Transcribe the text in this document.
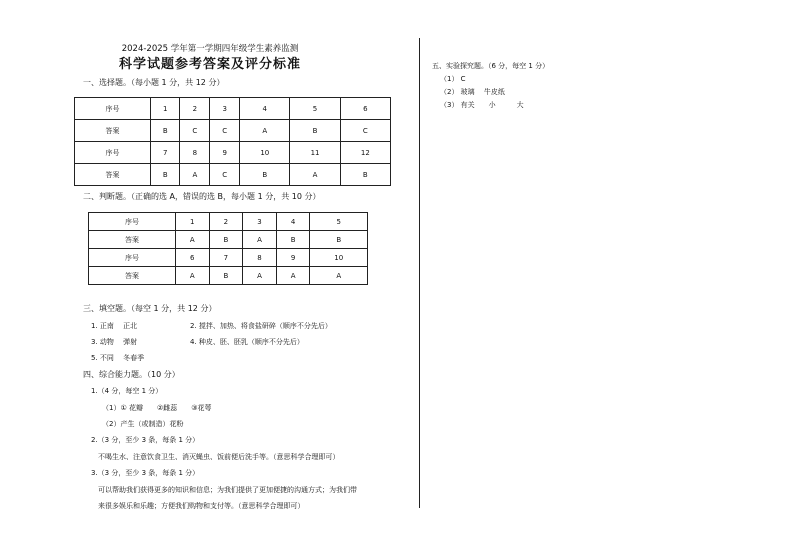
2024-2025 学年第一学期四年级学生素养监测
科学试题参考答案及评分标准
一、选择题。（每小题 1 分，共 12 分）
序号	1	2	3	4	5	6
答案	B	C	C	A	B	C
序号	7	8	9	10	11	12
答案	B	A	C	B	A	B
二、判断题。（正确的选 A，错误的选 B，每小题 1 分，共 10 分）
序号	1	2	3	4	5
答案	A	B	A	B	B
序号	6	7	8	9	10
答案	A	B	A	A	A
三、填空题。（每空 1 分，共 12 分）
1. 正南　 正北	2. 搅拌、加热、将食盐研碎（顺序不分先后）
3. 动物　 弹射	4. 种皮、胚、胚乳（顺序不分先后）
5. 不同　 冬春季
四、综合能力题。（10 分）
1.（4 分，每空 1 分）
（1）① 花瓣　　②雌蕊　　③花萼
（2）产生（或制造）花粉
2.（3 分，至少 3 条，每条 1 分）
不喝生水、注意饮食卫生、消灭蝇虫、饭前便后洗手等。（意思科学合理即可）
3.（3 分，至少 3 条，每条 1 分）
可以帮助我们获得更多的知识和信息；为我们提供了更加便捷的沟通方式；为我们带
来很多娱乐和乐趣；方便我们购物和支付等。（意思科学合理即可）
五、实验探究题。（6 分，每空 1 分）
（1） C
（2） 玻璃　 牛皮纸
（3） 有关　　小　　　大
